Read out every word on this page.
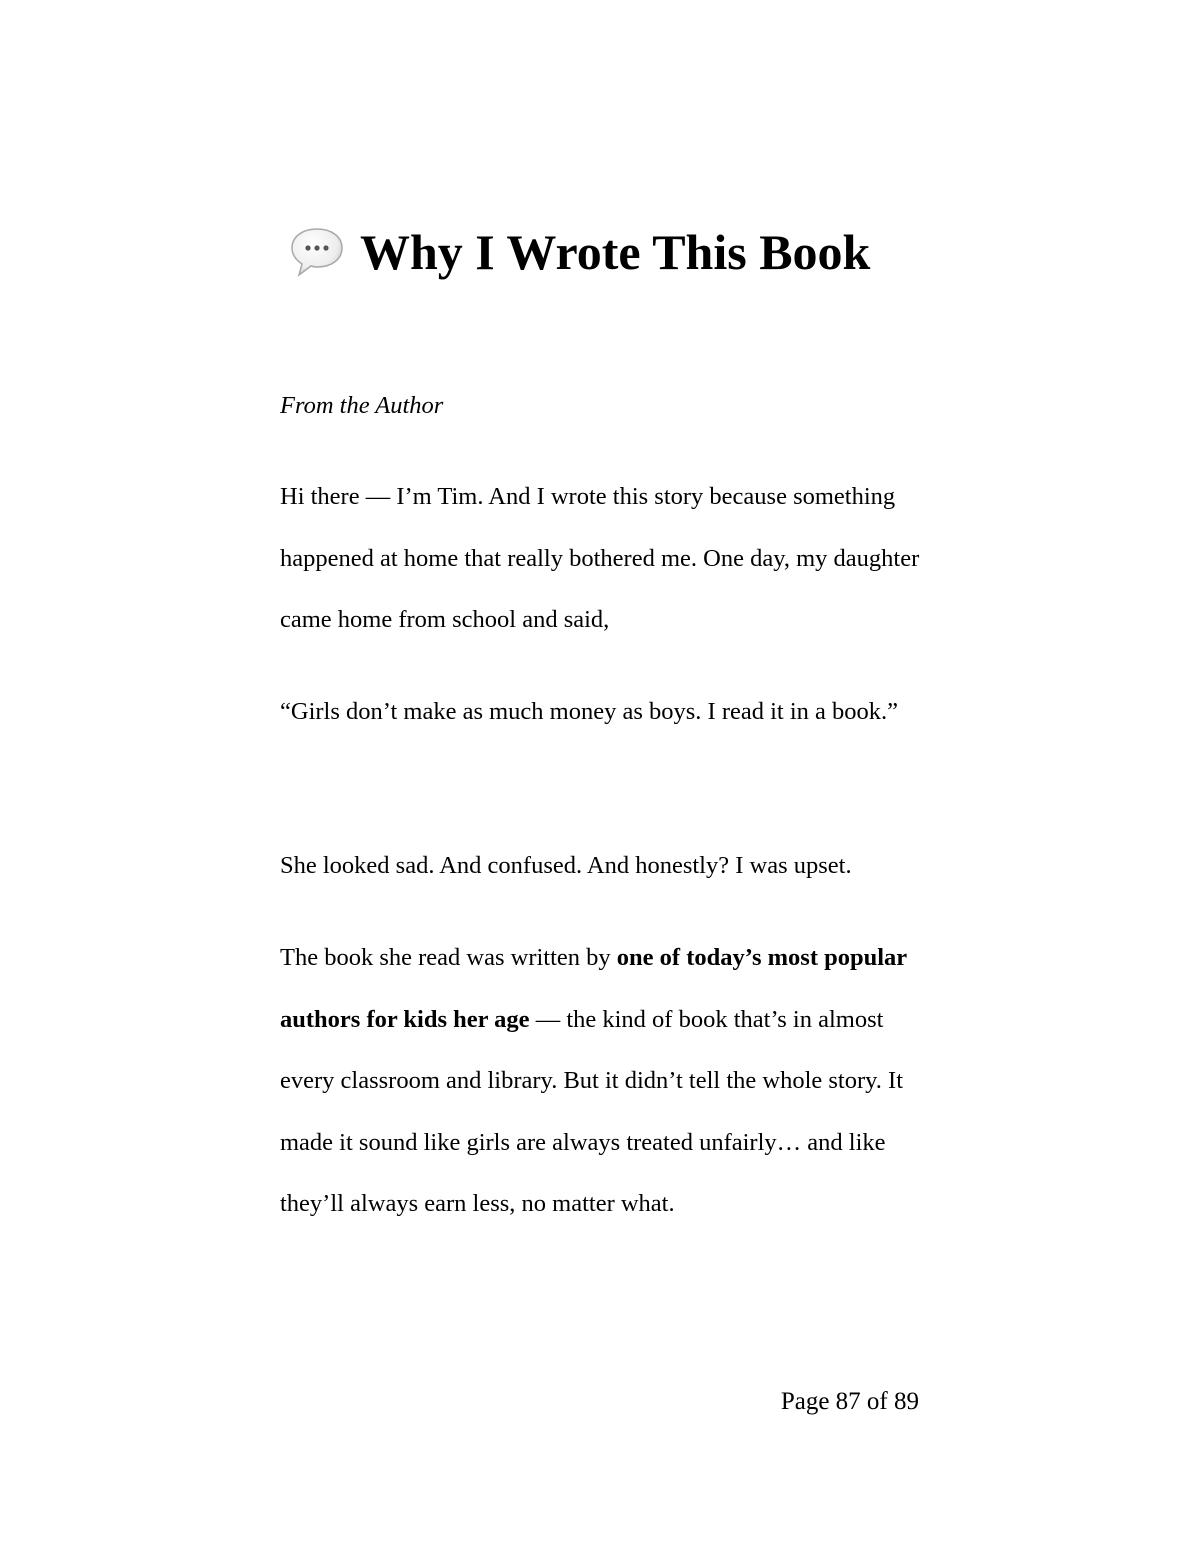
Why I Wrote This Book

From the Author

Hi there — I’m Tim. And I wrote this story because something happened at home that really bothered me. One day, my daughter came home from school and said,

“Girls don’t make as much money as boys. I read it in a book.”

She looked sad. And confused. And honestly? I was upset.

The book she read was written by one of today’s most popular authors for kids her age — the kind of book that’s in almost every classroom and library. But it didn’t tell the whole story. It made it sound like girls are always treated unfairly… and like they’ll always earn less, no matter what.

Page 87 of 89
